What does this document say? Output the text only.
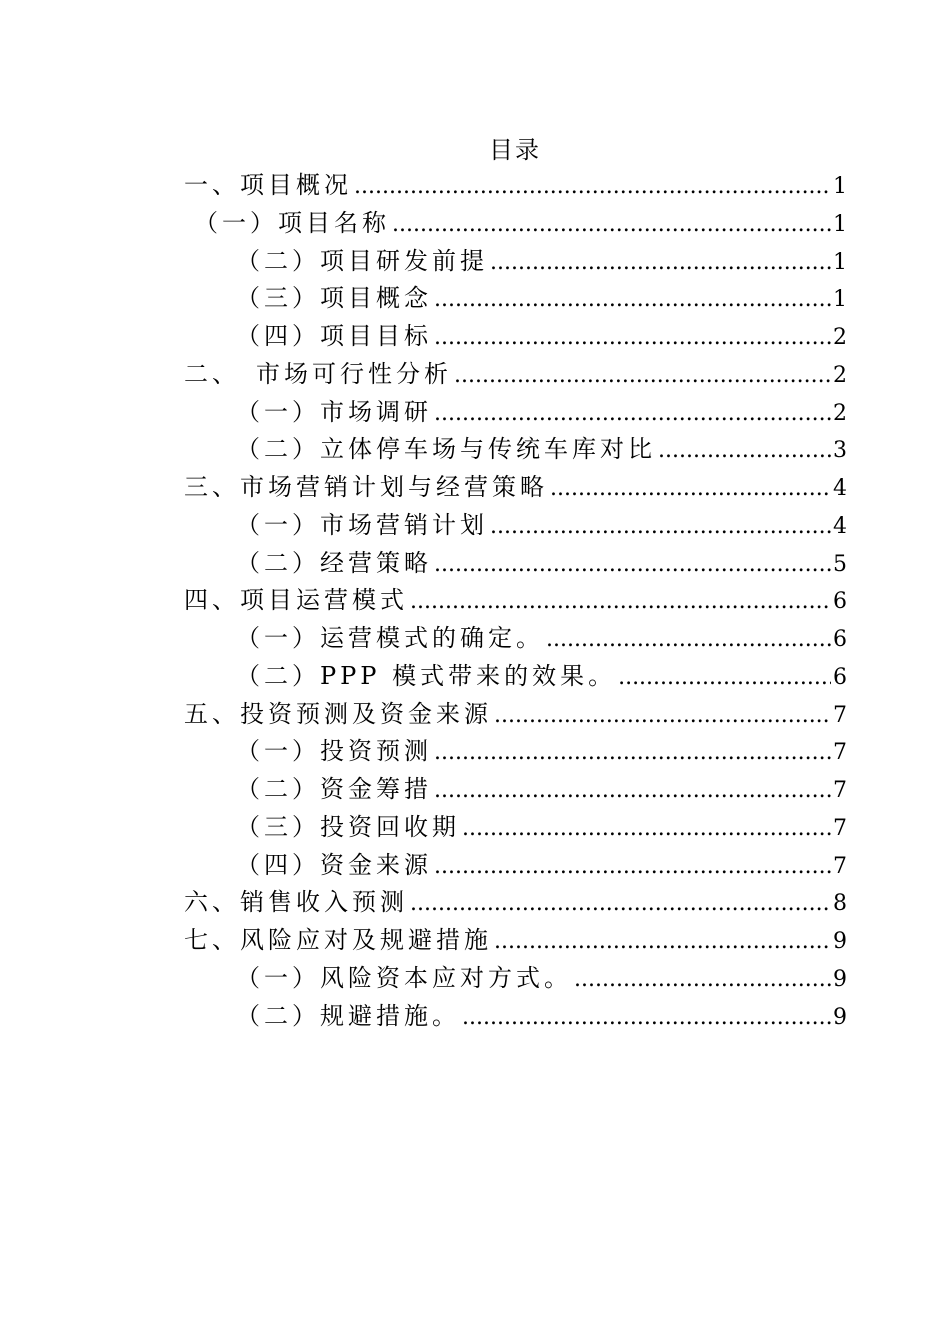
目录
一、项目概况 .....	1
（一）项目名称 .....	1
（二）项目研发前提 .....	1
（三）项目概念 .....	1
（四）项目目标 .....	2
二、　市场可行性分析 .....	2
（一）市场调研 .....	2
（二）立体停车场与传统车库对比 .....	3
三、市场营销计划与经营策略 .....	4
（一）市场营销计划 .....	4
（二）经营策略 .....	5
四、项目运营模式 .....	6
（一）运营模式的确定。 .....	6
（二）PPP 模式带来的效果。 .....	6
五、投资预测及资金来源 .....	7
（一）投资预测 .....	7
（二）资金筹措 .....	7
（三）投资回收期 .....	7
（四）资金来源 .....	7
六、销售收入预测 .....	8
七、风险应对及规避措施 .....	9
（一）风险资本应对方式。 .....	9
（二）规避措施。 .....	9
